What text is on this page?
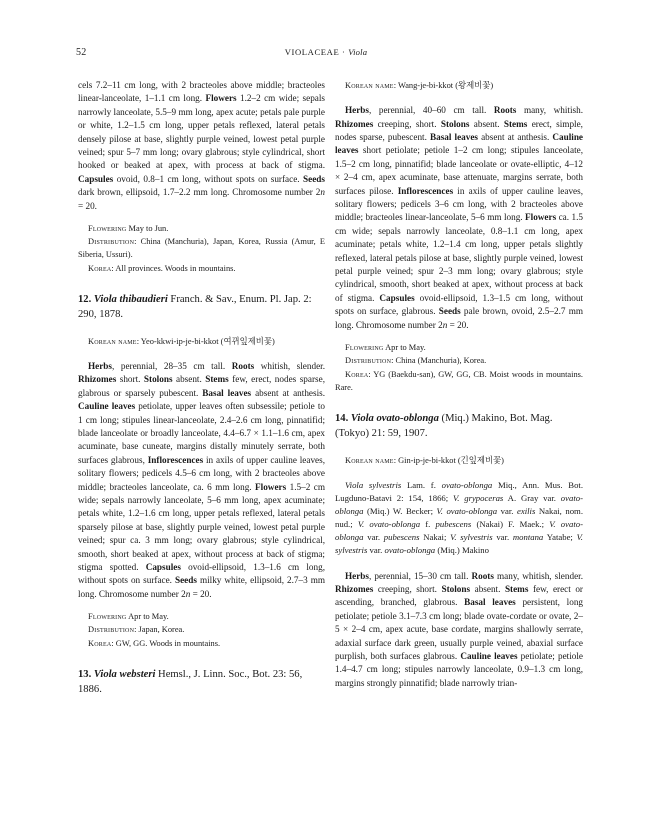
52	VIOLACEAE · Viola

cels 7.2–11 cm long, with 2 bracteoles above middle; bracteoles linear-lanceolate, 1–1.1 cm long. Flowers 1.2–2 cm wide; sepals narrowly lanceolate, 5.5–9 mm long, apex acute; petals pale purple or white, 1.2–1.5 cm long, upper petals reflexed, lateral petals densely pilose at base, slightly purple veined, lowest petal purple veined; spur 5–7 mm long; ovary glabrous; style cylindrical, short hooked or beaked at apex, with process at back of stigma. Capsules ovoid, 0.8–1 cm long, without spots on surface. Seeds dark brown, ellipsoid, 1.7–2.2 mm long. Chromosome number 2n = 20.

Flowering May to Jun.

Distribution: China (Manchuria), Japan, Korea, Russia (Amur, E Siberia, Ussuri).

Korea: All provinces. Woods in mountains.

12. Viola thibaudieri Franch. & Sav., Enum. Pl. Jap. 2: 290, 1878.

Korean name: Yeo-kkwi-ip-je-bi-kkot (여뀌잎제비꽃)

Herbs, perennial, 28–35 cm tall. Roots whitish, slender. Rhizomes short. Stolons absent. Stems few, erect, nodes sparse, glabrous or sparsely pubescent. Basal leaves absent at anthesis. Cauline leaves petiolate, upper leaves often subsessile; petiole to 1 cm long; stipules linear-lanceolate, 2.4–2.6 cm long, pinnatifid; blade lanceolate or broadly lanceolate, 4.4–6.7 × 1.1–1.6 cm, apex acuminate, base cuneate, margins distally minutely serrate, both surfaces glabrous, Inflorescences in axils of upper cauline leaves, solitary flowers; pedicels 4.5–6 cm long, with 2 bracteoles above middle; bracteoles lanceolate, ca. 6 mm long. Flowers 1.5–2 cm wide; sepals narrowly lanceolate, 5–6 mm long, apex acuminate; petals white, 1.2–1.6 cm long, upper petals reflexed, lateral petals sparsely pilose at base, slightly purple veined, lowest petal purple veined; spur ca. 3 mm long; ovary glabrous; style cylindrical, smooth, short beaked at apex, without process at back of stigma; stigma spotted. Capsules ovoid-ellipsoid, 1.3–1.6 cm long, without spots on surface. Seeds milky white, ellipsoid, 2.7–3 mm long. Chromosome number 2n = 20.

Flowering Apr to May.

Distribution: Japan, Korea.

Korea: GW, GG. Woods in mountains.

13. Viola websteri Hemsl., J. Linn. Soc., Bot. 23: 56, 1886.

Korean name: Wang-je-bi-kkot (왕제비꽃)

Herbs, perennial, 40–60 cm tall. Roots many, whitish. Rhizomes creeping, short. Stolons absent. Stems erect, simple, nodes sparse, pubescent. Basal leaves absent at anthesis. Cauline leaves short petiolate; petiole 1–2 cm long; stipules lanceolate, 1.5–2 cm long, pinnatifid; blade lanceolate or ovate-elliptic, 4–12 × 2–4 cm, apex acuminate, base attenuate, margins serrate, both surfaces pilose. Inflorescences in axils of upper cauline leaves, solitary flowers; pedicels 3–6 cm long, with 2 bracteoles above middle; bracteoles linear-lanceolate, 5–6 mm long. Flowers ca. 1.5 cm wide; sepals narrowly lanceolate, 0.8–1.1 cm long, apex acuminate; petals white, 1.2–1.4 cm long, upper petals slightly reflexed, lateral petals pilose at base, slightly purple veined, lowest petal purple veined; spur 2–3 mm long; ovary glabrous; style cylindrical, smooth, short beaked at apex, without process at back of stigma. Capsules ovoid-ellipsoid, 1.3–1.5 cm long, without spots on surface, glabrous. Seeds pale brown, ovoid, 2.5–2.7 mm long. Chromosome number 2n = 20.

Flowering Apr to May.

Distribution: China (Manchuria), Korea.

Korea: YG (Baekdu-san), GW, GG, CB. Moist woods in mountains. Rare.

14. Viola ovato-oblonga (Miq.) Makino, Bot. Mag. (Tokyo) 21: 59, 1907.

Korean name: Gin-ip-je-bi-kkot (긴잎제비꽃)

Viola sylvestris Lam. f. ovato-oblonga Miq., Ann. Mus. Bot. Lugduno-Batavi 2: 154, 1866; V. grypoceras A. Gray var. ovato-oblonga (Miq.) W. Becker; V. ovato-oblonga var. exilis Nakai, nom. nud.; V. ovato-oblonga f. pubescens (Nakai) F. Maek.; V. ovato-oblonga var. pubescens Nakai; V. sylvestris var. montana Yatabe; V. sylvestris var. ovato-oblonga (Miq.) Makino

Herbs, perennial, 15–30 cm tall. Roots many, whitish, slender. Rhizomes creeping, short. Stolons absent. Stems few, erect or ascending, branched, glabrous. Basal leaves persistent, long petiolate; petiole 3.1–7.3 cm long; blade ovate-cordate or ovate, 2–5 × 2–4 cm, apex acute, base cordate, margins shallowly serrate, adaxial surface dark green, usually purple veined, abaxial surface purplish, both surfaces glabrous. Cauline leaves petiolate; petiole 1.4–4.7 cm long; stipules narrowly lanceolate, 0.9–1.3 cm long, margins strongly pinnatifid; blade narrowly trian-
